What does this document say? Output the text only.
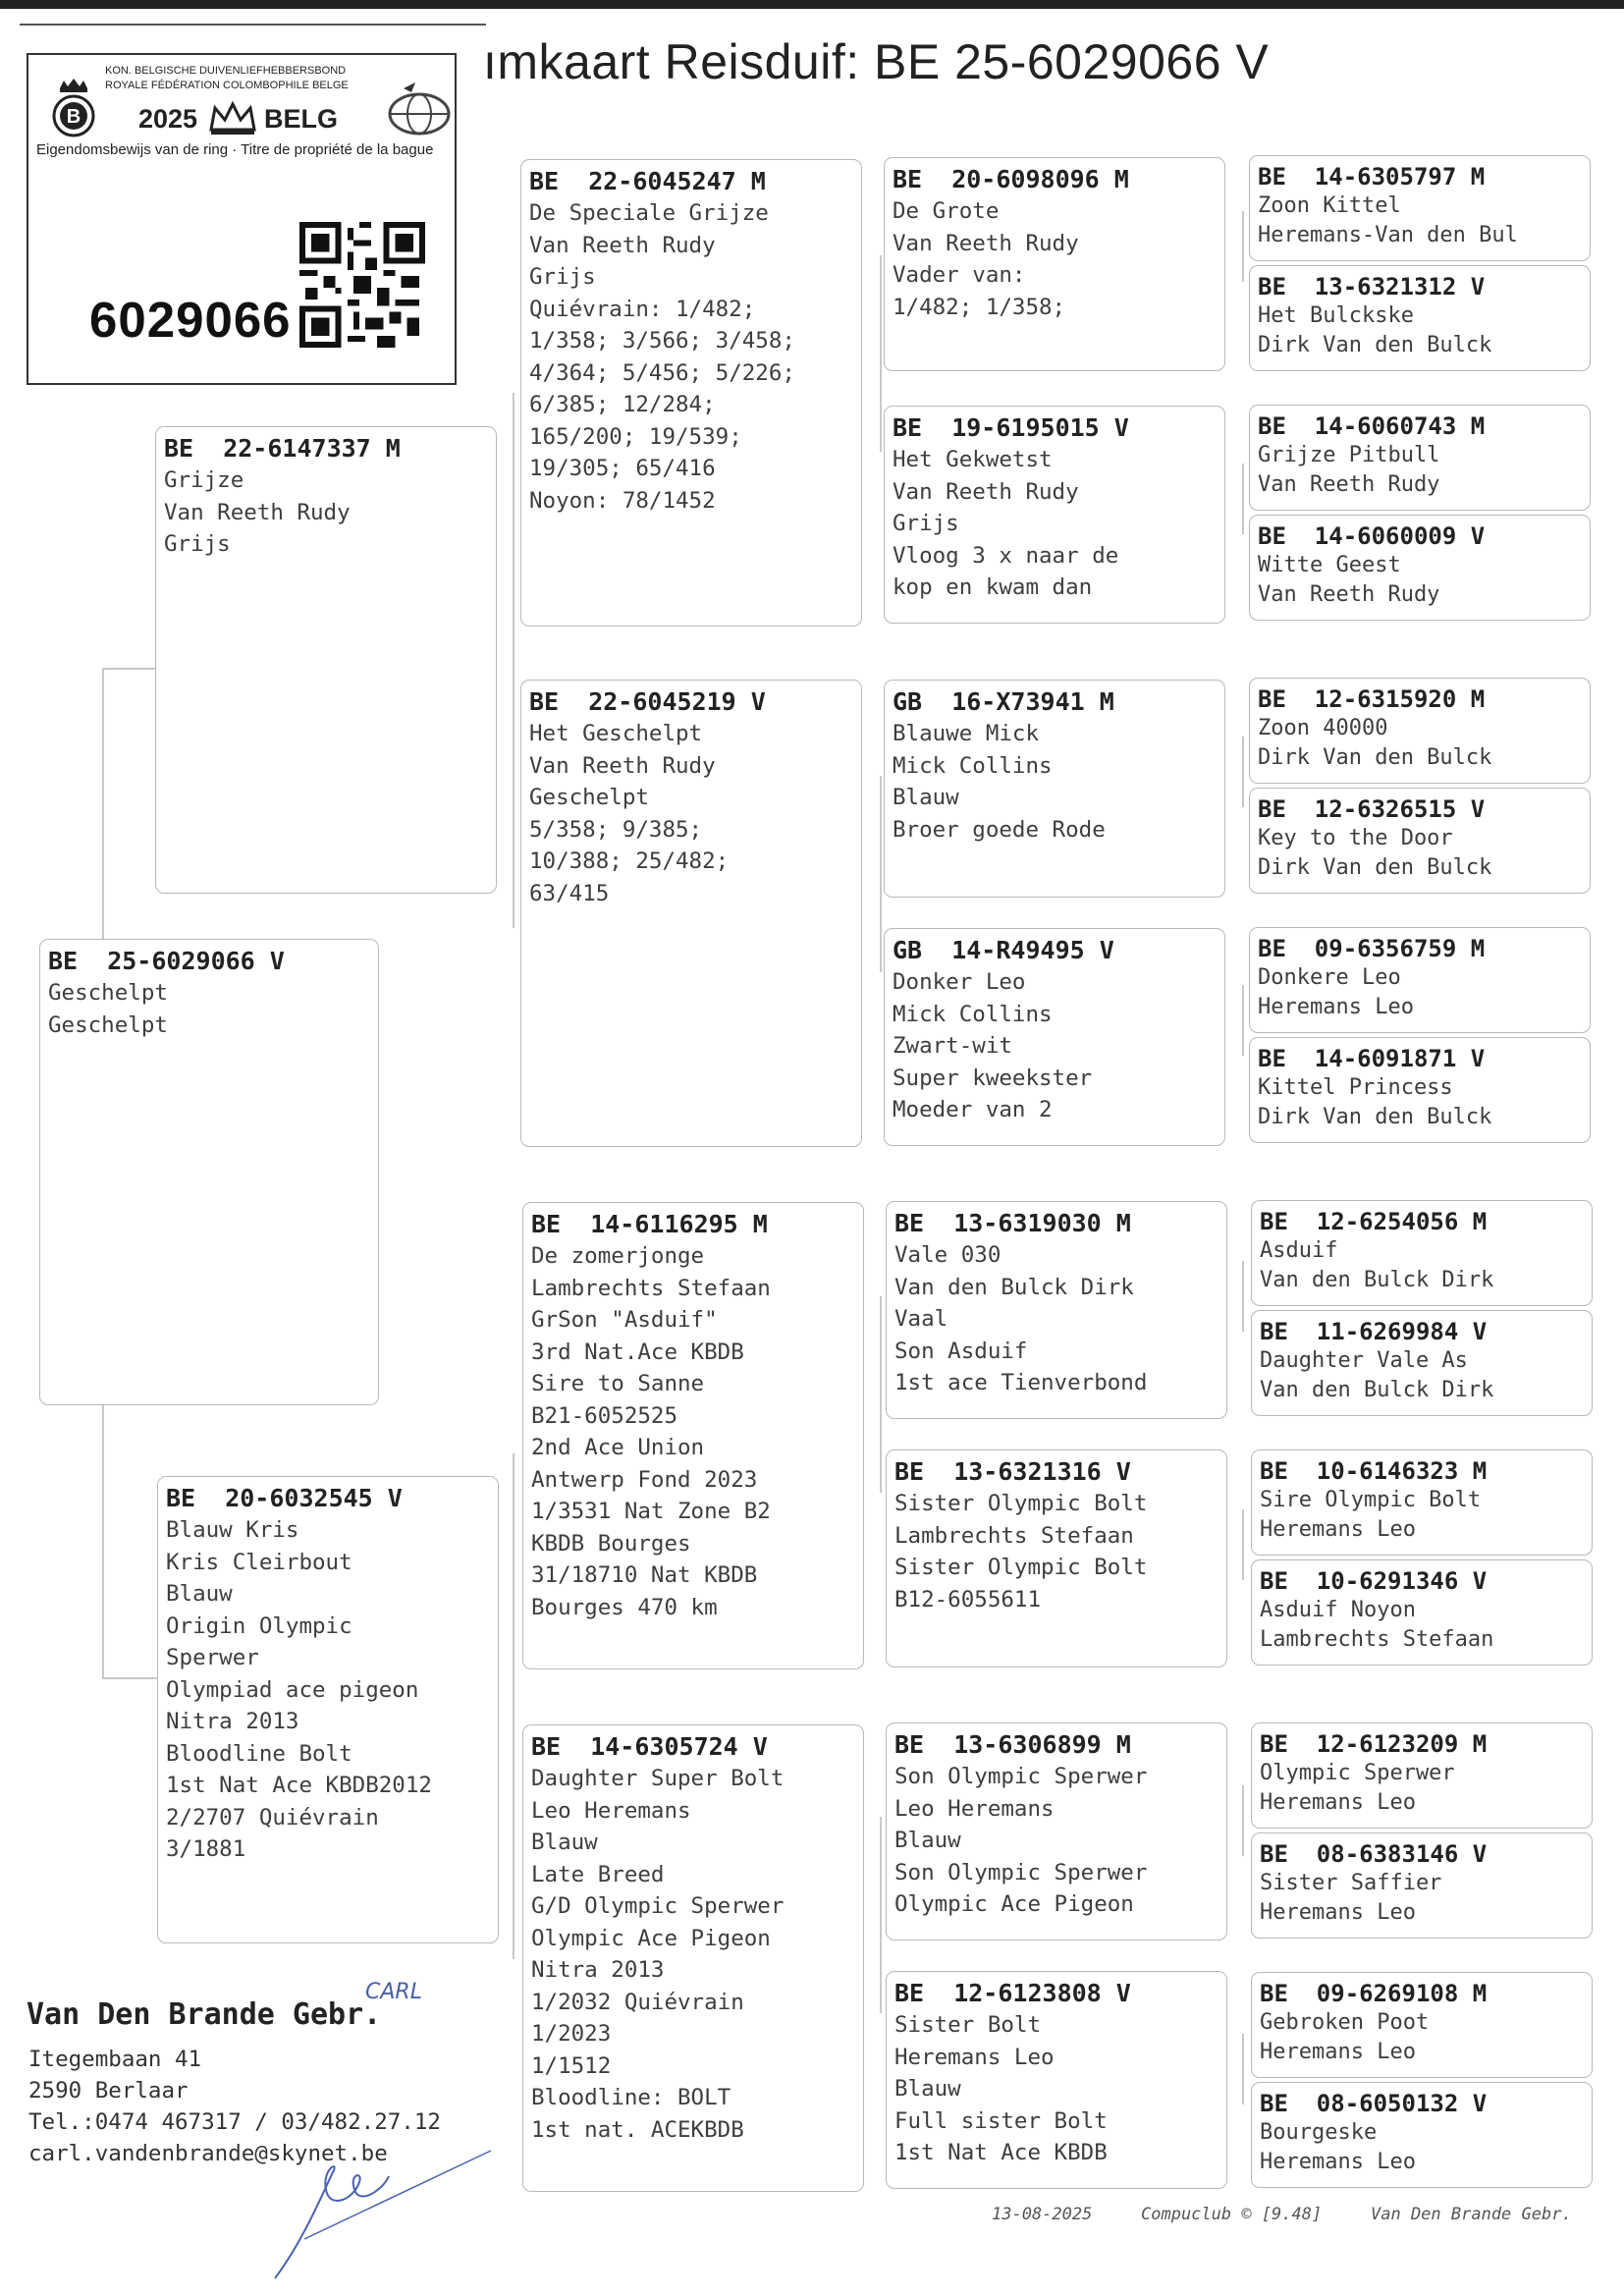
ımkaart Reisduif: BE 25-6029066 V
B
KON. BELGISCHE DUIVENLIEFHEBBERSBOND
ROYALE FÉDÉRATION COLOMBOPHILE BELGE
2025	BELG
Eigendomsbewijs van de ring · Titre de propriété de la bague
6029066
BE  25-6029066 V
Geschelpt
Geschelpt
BE  22-6147337 M
Grijze
Van Reeth Rudy
Grijs
BE  20-6032545 V
Blauw Kris
Kris Cleirbout
Blauw
Origin Olympic
Sperwer
Olympiad ace pigeon
Nitra 2013
Bloodline Bolt
1st Nat Ace KBDB2012
2/2707 Quiévrain
3/1881
BE  22-6045247 M
De Speciale Grijze
Van Reeth Rudy
Grijs
Quiévrain: 1/482;
1/358; 3/566; 3/458;
4/364; 5/456; 5/226;
6/385; 12/284;
165/200; 19/539;
19/305; 65/416
Noyon: 78/1452
BE  22-6045219 V
Het Geschelpt
Van Reeth Rudy
Geschelpt
5/358; 9/385;
10/388; 25/482;
63/415
BE  14-6116295 M
De zomerjonge
Lambrechts Stefaan
GrSon "Asduif"
3rd Nat.Ace KBDB
Sire to Sanne
B21-6052525
2nd Ace Union
Antwerp Fond 2023
1/3531 Nat Zone B2
KBDB Bourges
31/18710 Nat KBDB
Bourges 470 km
BE  14-6305724 V
Daughter Super Bolt
Leo Heremans
Blauw
Late Breed
G/D Olympic Sperwer
Olympic Ace Pigeon
Nitra 2013
1/2032 Quiévrain
1/2023
1/1512
Bloodline: BOLT
1st nat. ACEKBDB
BE  20-6098096 M
De Grote
Van Reeth Rudy
Vader van:
1/482; 1/358;
BE  19-6195015 V
Het Gekwetst
Van Reeth Rudy
Grijs
Vloog 3 x naar de
kop en kwam dan
GB  16-X73941 M
Blauwe Mick
Mick Collins
Blauw
Broer goede Rode
GB  14-R49495 V
Donker Leo
Mick Collins
Zwart-wit
Super kweekster
Moeder van 2
BE  13-6319030 M
Vale 030
Van den Bulck Dirk
Vaal
Son Asduif
1st ace Tienverbond
BE  13-6321316 V
Sister Olympic Bolt
Lambrechts Stefaan
Sister Olympic Bolt
B12-6055611
BE  13-6306899 M
Son Olympic Sperwer
Leo Heremans
Blauw
Son Olympic Sperwer
Olympic Ace Pigeon
BE  12-6123808 V
Sister Bolt
Heremans Leo
Blauw
Full sister Bolt
1st Nat Ace KBDB
BE  14-6305797 M
Zoon Kittel
Heremans-Van den Bul
BE  13-6321312 V
Het Bulckske
Dirk Van den Bulck
BE  14-6060743 M
Grijze Pitbull
Van Reeth Rudy
BE  14-6060009 V
Witte Geest
Van Reeth Rudy
BE  12-6315920 M
Zoon 40000
Dirk Van den Bulck
BE  12-6326515 V
Key to the Door
Dirk Van den Bulck
BE  09-6356759 M
Donkere Leo
Heremans Leo
BE  14-6091871 V
Kittel Princess
Dirk Van den Bulck
BE  12-6254056 M
Asduif
Van den Bulck Dirk
BE  11-6269984 V
Daughter Vale As
Van den Bulck Dirk
BE  10-6146323 M
Sire Olympic Bolt
Heremans Leo
BE  10-6291346 V
Asduif Noyon
Lambrechts Stefaan
BE  12-6123209 M
Olympic Sperwer
Heremans Leo
BE  08-6383146 V
Sister Saffier
Heremans Leo
BE  09-6269108 M
Gebroken Poot
Heremans Leo
BE  08-6050132 V
Bourgeske
Heremans Leo
CARL
Van Den Brande Gebr.
Itegembaan 41
2590 Berlaar
Tel.:0474 467317 / 03/482.27.12
carl.vandenbrande@skynet.be
13-08-2025	Compuclub © [9.48]	Van Den Brande Gebr.
